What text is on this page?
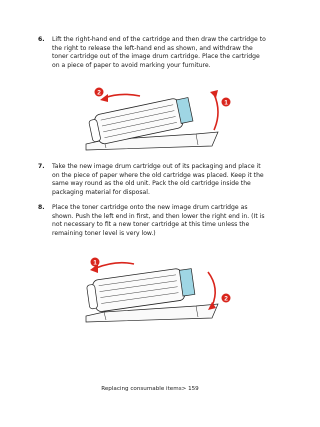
6. Lift the right-hand end of the cartridge and then draw the cartridge to the right to release the left-hand end as shown, and withdraw the toner cartridge out of the image drum cartridge. Place the cartridge on a piece of paper to avoid marking your furniture.

2
1
7. Take the new image drum cartridge out of its packaging and place it on the piece of paper where the old cartridge was placed. Keep it the same way round as the old unit. Pack the old cartridge inside the packaging material for disposal.

8. Place the toner cartridge onto the new image drum cartridge as shown. Push the left end in first, and then lower the right end in. (It is not necessary to fit a new toner cartridge at this time unless the remaining toner level is very low.)

1
2
Replacing consumable items> 159
